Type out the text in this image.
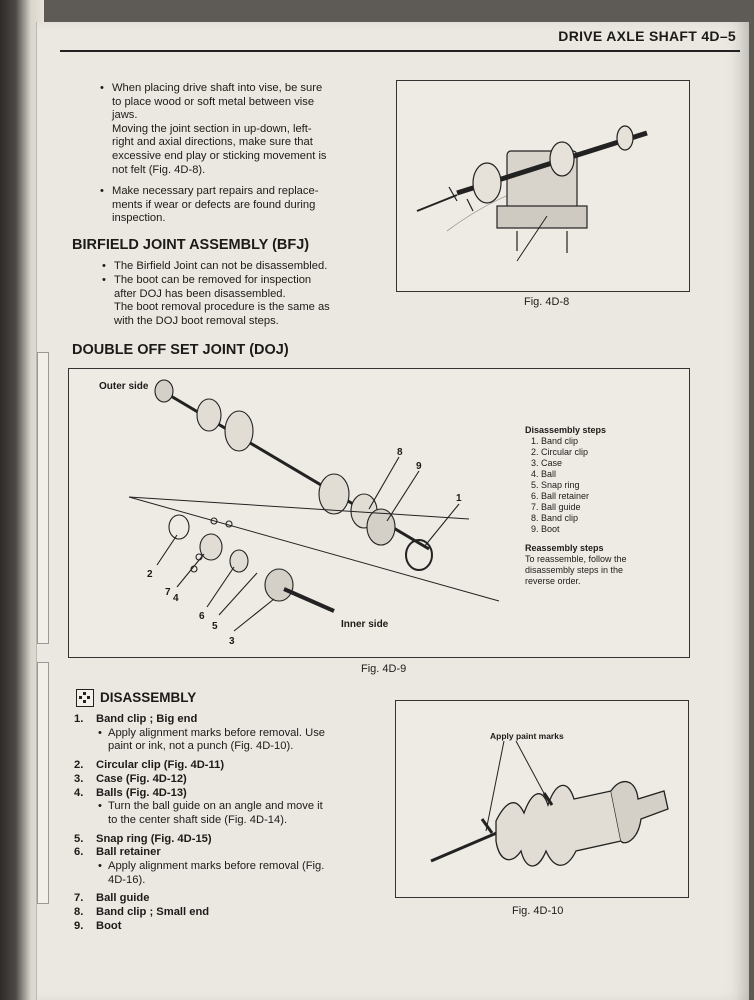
DRIVE AXLE SHAFT 4D–5
• When placing drive shaft into vise, be sure
to place wood or soft metal between vise
jaws.
Moving the joint section in up-down, left-
right and axial directions, make sure that
excessive end play or sticking movement is
not felt (Fig. 4D-8).
• Make necessary part repairs and replace-
ments if wear or defects are found during
inspection.
BIRFIELD JOINT ASSEMBLY (BFJ)
• The Birfield Joint can not be disassembled.
• The boot can be removed for inspection
after DOJ has been disassembled.
The boot removal procedure is the same as
with the DOJ boot removal steps.
DOUBLE OFF SET JOINT (DOJ)
Fig. 4D-8
Outer side
Inner side
1
2
3
4
5
6
7
8
9
Disassembly steps
1. Band clip
2. Circular clip
3. Case
4. Ball
5. Snap ring
6. Ball retainer
7. Ball guide
8. Band clip
9. Boot
Reassembly steps
To reassemble, follow the
disassembly steps in the
reverse order.
Fig. 4D-9
DISASSEMBLY
1. Band clip ; Big end
• Apply alignment marks before removal. Use
paint or ink, not a punch (Fig. 4D-10).
2. Circular clip (Fig. 4D-11)
3. Case (Fig. 4D-12)
4. Balls (Fig. 4D-13)
• Turn the ball guide on an angle and move it
to the center shaft side (Fig. 4D-14).
5. Snap ring (Fig. 4D-15)
6. Ball retainer
• Apply alignment marks before removal (Fig.
4D-16).
7. Ball guide
8. Band clip ; Small end
9. Boot
Apply paint marks
Fig. 4D-10
